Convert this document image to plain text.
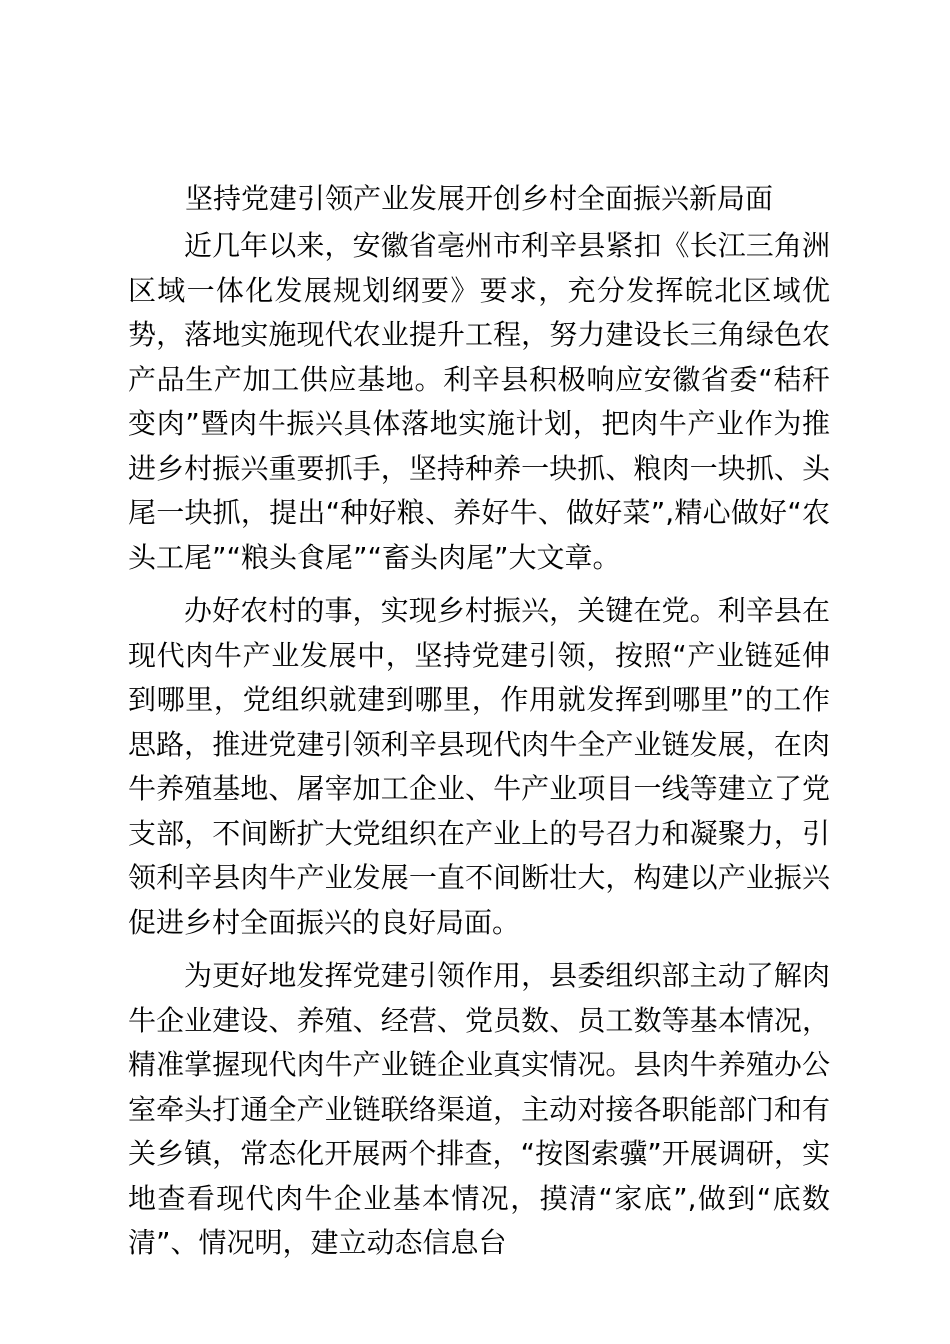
坚持党建引领产业发展开创乡村全面振兴新局面

近几年以来，安徽省亳州市利辛县紧扣《长江三角洲区域一体化发展规划纲要》要求，充分发挥皖北区域优势，落地实施现代农业提升工程，努力建设长三角绿色农产品生产加工供应基地。利辛县积极响应安徽省委“秸秆变肉”暨肉牛振兴具体落地实施计划，把肉牛产业作为推进乡村振兴重要抓手，坚持种养一块抓、粮肉一块抓、头尾一块抓，提出“种好粮、养好牛、做好菜”,精心做好“农头工尾”“粮头食尾”“畜头肉尾”大文章。

办好农村的事，实现乡村振兴，关键在党。利辛县在现代肉牛产业发展中，坚持党建引领，按照“产业链延伸到哪里，党组织就建到哪里，作用就发挥到哪里”的工作思路，推进党建引领利辛县现代肉牛全产业链发展，在肉牛养殖基地、屠宰加工企业、牛产业项目一线等建立了党支部，不间断扩大党组织在产业上的号召力和凝聚力，引领利辛县肉牛产业发展一直不间断壮大，构建以产业振兴促进乡村全面振兴的良好局面。

为更好地发挥党建引领作用，县委组织部主动了解肉牛企业建设、养殖、经营、党员数、员工数等基本情况，精准掌握现代肉牛产业链企业真实情况。县肉牛养殖办公室牵头打通全产业链联络渠道，主动对接各职能部门和有关乡镇，常态化开展两个排查，“按图索骥”开展调研，实地查看现代肉牛企业基本情况，摸清“家底”,做到“底数清”、情况明，建立动态信息台
